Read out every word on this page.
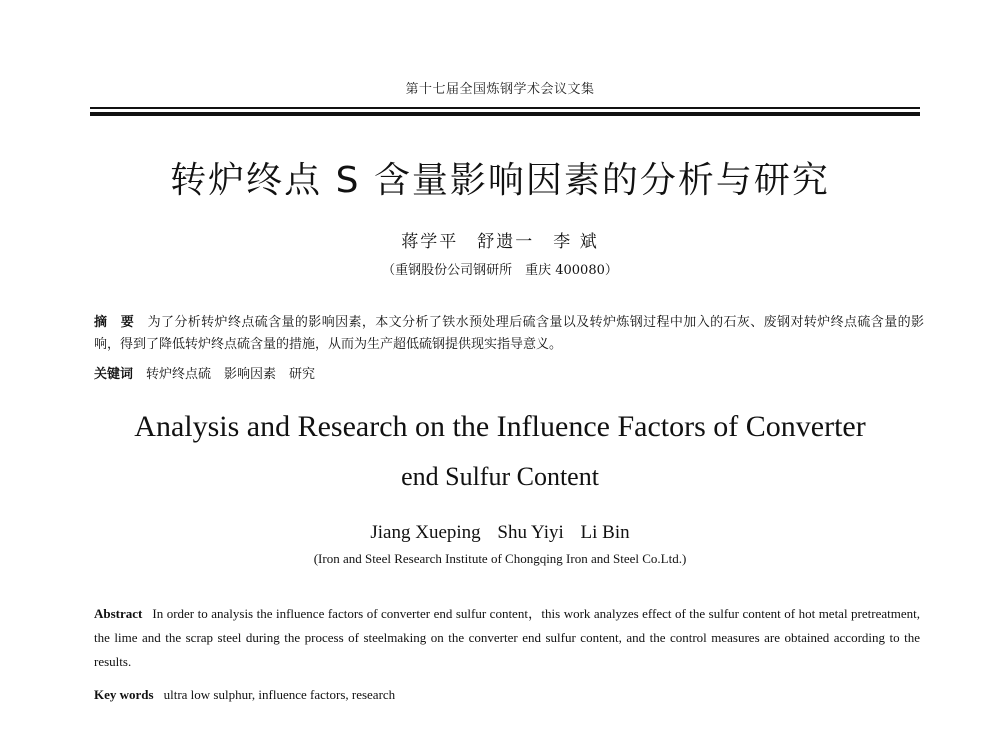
第十七届全国炼钢学术会议文集
转炉终点 S 含量影响因素的分析与研究
蒋学平　 舒遗一　 李 斌
（重钢股份公司钢研所　重庆 400080）
摘　要　 为了分析转炉终点硫含量的影响因素，本文分析了铁水预处理后硫含量以及转炉炼钢过程中加入的石灰、废钢对转炉终点硫含量的影响，得到了降低转炉终点硫含量的措施，从而为生产超低硫钢提供现实指导意义。
关键词　 转炉终点硫　影响因素　研究
Analysis and Research on the Influence Factors of Converter
end Sulfur Content
Jiang Xueping Shu Yiyi Li Bin
(Iron and Steel Research Institute of Chongqing Iron and Steel Co.Ltd.)
Abstract In order to analysis the influence factors of converter end sulfur content，this work analyzes effect of the sulfur content of hot metal pretreatment, the lime and the scrap steel during the process of steelmaking on the converter end sulfur content, and the control measures are obtained according to the results.
Key words ultra low sulphur, influence factors, research
